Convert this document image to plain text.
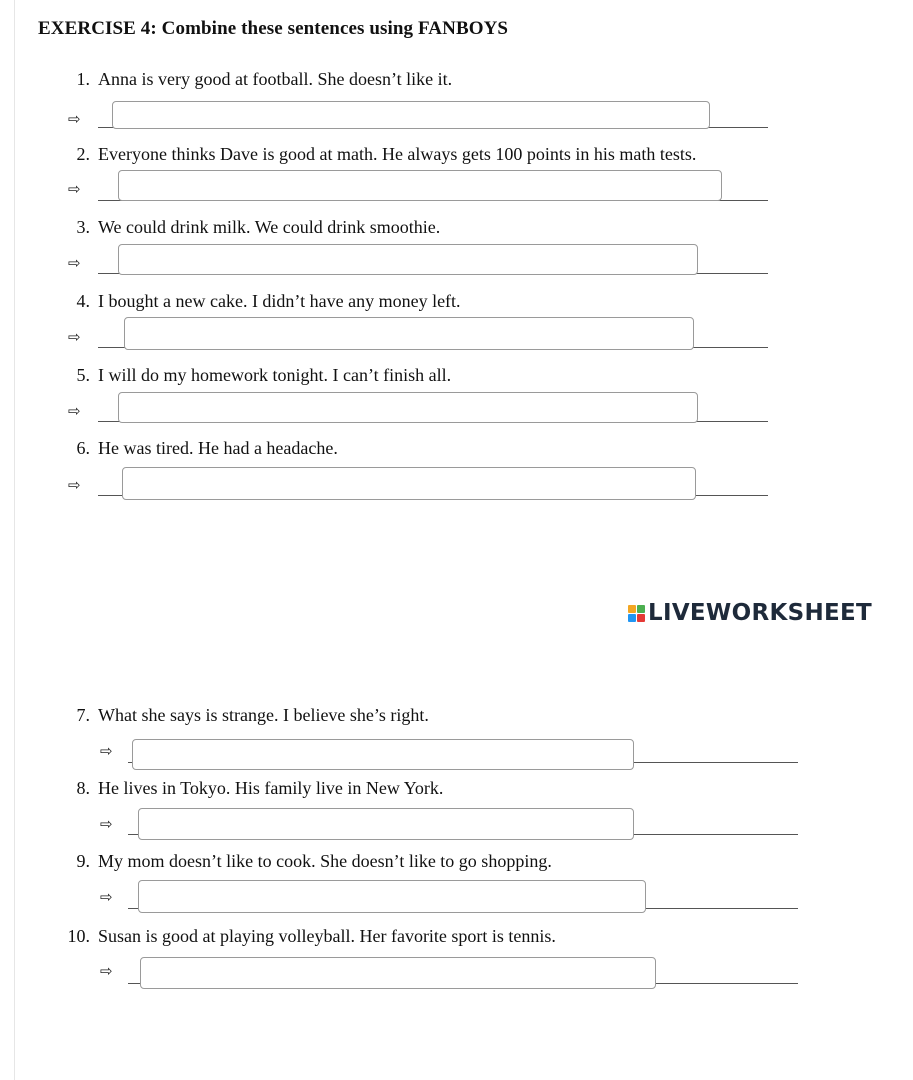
EXERCISE 4: Combine these sentences using FANBOYS
1. Anna is very good at football. She doesn’t like it.
⇨
2. Everyone thinks Dave is good at math. He always gets 100 points in his math tests.
⇨
3. We could drink milk. We could drink smoothie.
⇨
4. I bought a new cake. I didn’t have any money left.
⇨
5. I will do my homework tonight. I can’t finish all.
⇨
6. He was tired. He had a headache.
⇨
LIVEWORKSHEET
7. What she says is strange. I believe she’s right.
⇨
8. He lives in Tokyo. His family live in New York.
⇨
9. My mom doesn’t like to cook. She doesn’t like to go shopping.
⇨
10. Susan is good at playing volleyball. Her favorite sport is tennis.
⇨
